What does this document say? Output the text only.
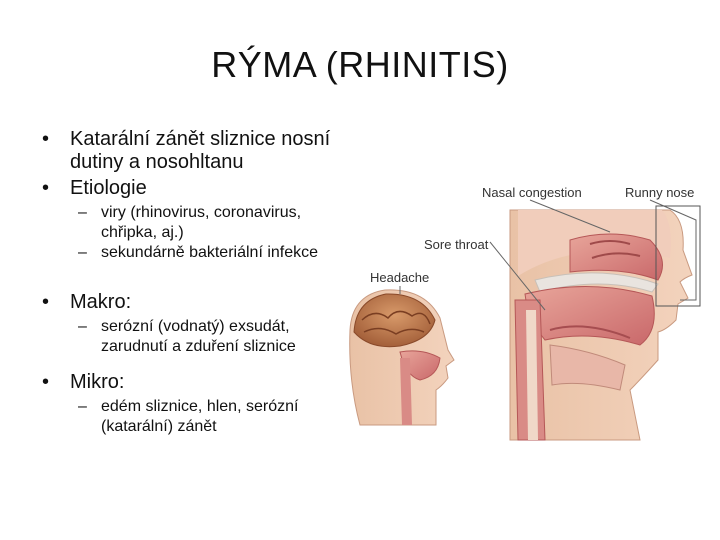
RÝMA (RHINITIS)
• Katarální zánět sliznice nosní dutiny a nosohltanu
• Etiologie
– viry (rhinovirus, coronavirus, chřipka, aj.)
– sekundárně bakteriální infekce
• Makro:
– serózní (vodnatý) exsudát, zarudnutí a zduření sliznice
• Mikro:
– edém sliznice, hlen, serózní (katarální) zánět
Nasal congestion	Runny nose
Sore throat
Headache
